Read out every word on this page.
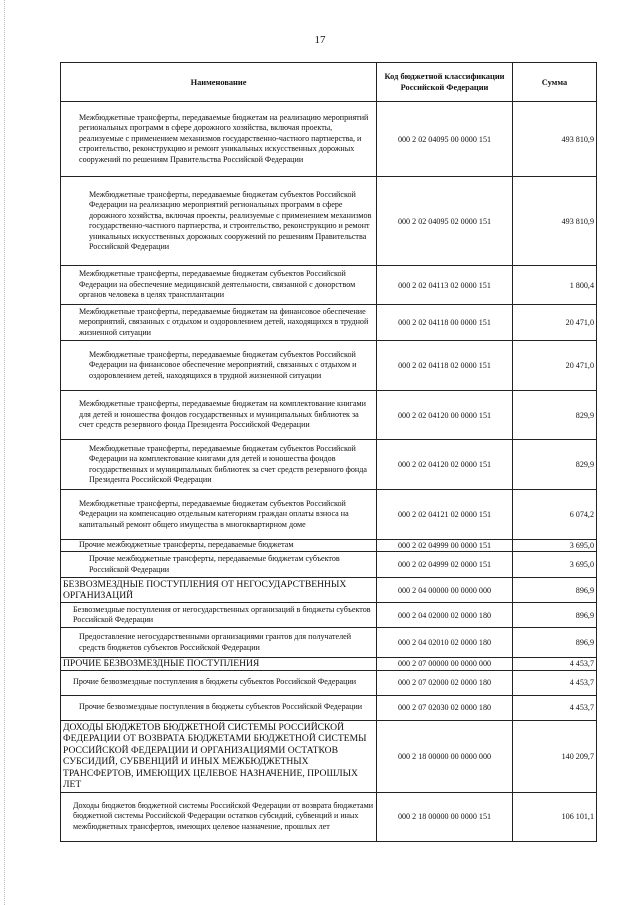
17
Наименование	Код бюджетной классификации Российской Федерации	Сумма
Межбюджетные трансферты, передаваемые бюджетам на реализацию мероприятий региональных программ в сфере дорожного хозяйства, включая проекты, реализуемые с применением механизмов государственно-частного партнерства, и строительство, реконструкцию и ремонт уникальных искусственных дорожных сооружений по решениям Правительства Российской Федерации	000 2 02 04095 00 0000 151	493 810,9
Межбюджетные трансферты, передаваемые бюджетам субъектов Российской Федерации на реализацию мероприятий региональных программ в сфере дорожного хозяйства, включая проекты, реализуемые с применением механизмов государственно-частного партнерства, и строительство, реконструкцию и ремонт уникальных искусственных дорожных сооружений по решениям Правительства Российской Федерации	000 2 02 04095 02 0000 151	493 810,9
Межбюджетные трансферты, передаваемые бюджетам субъектов Российской Федерации на обеспечение медицинской деятельности, связанной с донорством органов человека в целях трансплантации	000 2 02 04113 02 0000 151	1 800,4
Межбюджетные трансферты, передаваемые бюджетам на финансовое обеспечение мероприятий, связанных с отдыхом и оздоровлением детей, находящихся в трудной жизненной ситуации	000 2 02 04118 00 0000 151	20 471,0
Межбюджетные трансферты, передаваемые бюджетам субъектов Российской Федерации на финансовое обеспечение мероприятий, связанных с отдыхом и оздоровлением детей, находящихся в трудной жизненной ситуации	000 2 02 04118 02 0000 151	20 471,0
Межбюджетные трансферты, передаваемые бюджетам на комплектование книгами для детей и юношества фондов государственных и муниципальных библиотек за счет средств резервного фонда Президента Российской Федерации	000 2 02 04120 00 0000 151	829,9
Межбюджетные трансферты, передаваемые бюджетам субъектов Российской Федерации на комплектование книгами для детей и юношества фондов государственных и муниципальных библиотек за счет средств резервного фонда Президента Российской Федерации	000 2 02 04120 02 0000 151	829,9
Межбюджетные трансферты, передаваемые бюджетам субъектов Российской Федерации на компенсацию отдельным категориям граждан оплаты взноса на капитальный ремонт общего имущества в многоквартирном доме	000 2 02 04121 02 0000 151	6 074,2
Прочие межбюджетные трансферты, передаваемые бюджетам	000 2 02 04999 00 0000 151	3 695,0
Прочие межбюджетные трансферты, передаваемые бюджетам субъектов Российской Федерации	000 2 02 04999 02 0000 151	3 695,0
БЕЗВОЗМЕЗДНЫЕ ПОСТУПЛЕНИЯ ОТ НЕГОСУДАРСТВЕННЫХ ОРГАНИЗАЦИЙ	000 2 04 00000 00 0000 000	896,9
Безвозмездные поступления от негосударственных организаций в бюджеты субъектов Российской Федерации	000 2 04 02000 02 0000 180	896,9
Предоставление негосударственными организациями грантов для получателей средств бюджетов субъектов Российской Федерации	000 2 04 02010 02 0000 180	896,9
ПРОЧИЕ БЕЗВОЗМЕЗДНЫЕ ПОСТУПЛЕНИЯ	000 2 07 00000 00 0000 000	4 453,7
Прочие безвозмездные поступления в бюджеты субъектов Российской Федерации	000 2 07 02000 02 0000 180	4 453,7
Прочие безвозмездные поступления в бюджеты субъектов Российской Федерации	000 2 07 02030 02 0000 180	4 453,7
ДОХОДЫ БЮДЖЕТОВ БЮДЖЕТНОЙ СИСТЕМЫ РОССИЙСКОЙ ФЕДЕРАЦИИ ОТ ВОЗВРАТА БЮДЖЕТАМИ БЮДЖЕТНОЙ СИСТЕМЫ РОССИЙСКОЙ ФЕДЕРАЦИИ И ОРГАНИЗАЦИЯМИ ОСТАТКОВ СУБСИДИЙ, СУБВЕНЦИЙ И ИНЫХ МЕЖБЮДЖЕТНЫХ ТРАНСФЕРТОВ, ИМЕЮЩИХ ЦЕЛЕВОЕ НАЗНАЧЕНИЕ, ПРОШЛЫХ ЛЕТ	000 2 18 00000 00 0000 000	140 209,7
Доходы бюджетов бюджетной системы Российской Федерации от возврата бюджетами бюджетной системы Российской Федерации остатков субсидий, субвенций и иных межбюджетных трансфертов, имеющих целевое назначение, прошлых лет	000 2 18 00000 00 0000 151	106 101,1
